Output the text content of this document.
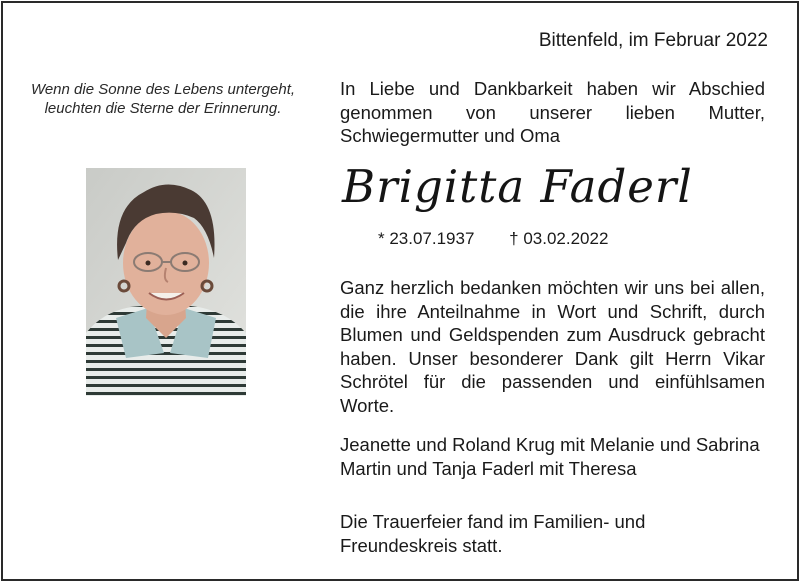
Bittenfeld, im Februar 2022
Wenn die Sonne des Lebens untergeht,
leuchten die Sterne der Erinnerung.
In Liebe und Dankbarkeit haben wir Abschied genommen von unserer lieben Mutter, Schwiegermutter und Oma
Brigitta Faderl
* 23.07.1937 † 03.02.2022
Ganz herzlich bedanken möchten wir uns bei allen, die ihre Anteilnahme in Wort und Schrift, durch Blumen und Geldspenden zum Ausdruck gebracht haben. Unser besonderer Dank gilt Herrn Vikar Schrötel für die passenden und einfühlsamen Worte.
Jeanette und Roland Krug mit Melanie und Sabrina
Martin und Tanja Faderl mit Theresa
Die Trauerfeier fand im Familien- und
Freundeskreis statt.
